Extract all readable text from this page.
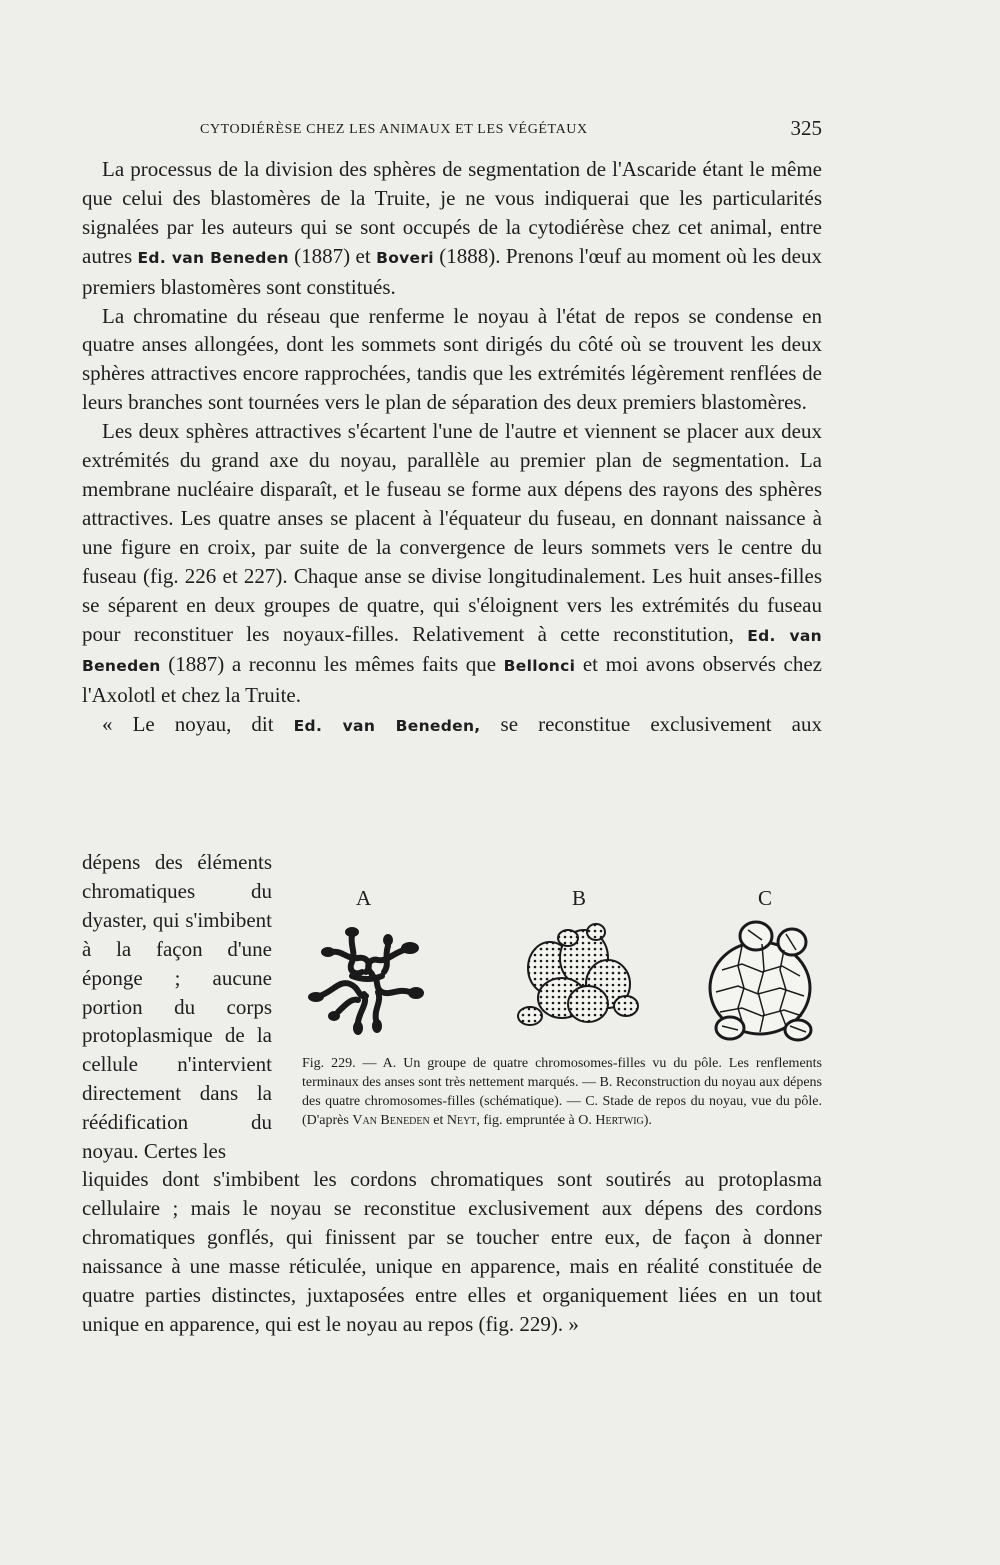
CYTODIÉRÈSE CHEZ LES ANIMAUX ET LES VÉGÉTAUX	325

La processus de la division des sphères de segmentation de l'Ascaride étant le même que celui des blastomères de la Truite, je ne vous indiquerai que les particularités signalées par les auteurs qui se sont occupés de la cytodiérèse chez cet animal, entre autres Ed. van Beneden (1887) et Boveri (1888). Prenons l'œuf au moment où les deux premiers blastomères sont constitués.

La chromatine du réseau que renferme le noyau à l'état de repos se condense en quatre anses allongées, dont les sommets sont dirigés du côté où se trouvent les deux sphères attractives encore rapprochées, tandis que les extrémités légèrement renflées de leurs branches sont tournées vers le plan de séparation des deux premiers blastomères.

Les deux sphères attractives s'écartent l'une de l'autre et viennent se placer aux deux extrémités du grand axe du noyau, parallèle au premier plan de segmentation. La membrane nucléaire disparaît, et le fuseau se forme aux dépens des rayons des sphères attractives. Les quatre anses se placent à l'équateur du fuseau, en donnant naissance à une figure en croix, par suite de la convergence de leurs sommets vers le centre du fuseau (fig. 226 et 227). Chaque anse se divise longitudinalement. Les huit anses-filles se séparent en deux groupes de quatre, qui s'éloignent vers les extrémités du fuseau pour reconstituer les noyaux-filles. Relativement à cette reconstitution, Ed. van Beneden (1887) a reconnu les mêmes faits que Bellonci et moi avons observés chez l'Axolotl et chez la Truite.

« Le noyau, dit Ed. van Beneden, se reconstitue exclusivement aux

dépens des éléments chromatiques du dyaster, qui s'imbibent à la façon d'une éponge ; aucune portion du corps protoplasmique de la cellule n'intervient directement dans la réédification du noyau. Certes les

A	B	C
Fig. 229. — A. Un groupe de quatre chromosomes-filles vu du pôle. Les renflements terminaux des anses sont très nettement marqués. — B. Reconstruction du noyau aux dépens des quatre chromosomes-filles (schématique). — C. Stade de repos du noyau, vue du pôle. (D'après Van Beneden et Neyt, fig. empruntée à O. Hertwig).

liquides dont s'imbibent les cordons chromatiques sont soutirés au protoplasma cellulaire ; mais le noyau se reconstitue exclusivement aux dépens des cordons chromatiques gonflés, qui finissent par se toucher entre eux, de façon à donner naissance à une masse réticulée, unique en apparence, mais en réalité constituée de quatre parties distinctes, juxtaposées entre elles et organiquement liées en un tout unique en apparence, qui est le noyau au repos (fig. 229). »
